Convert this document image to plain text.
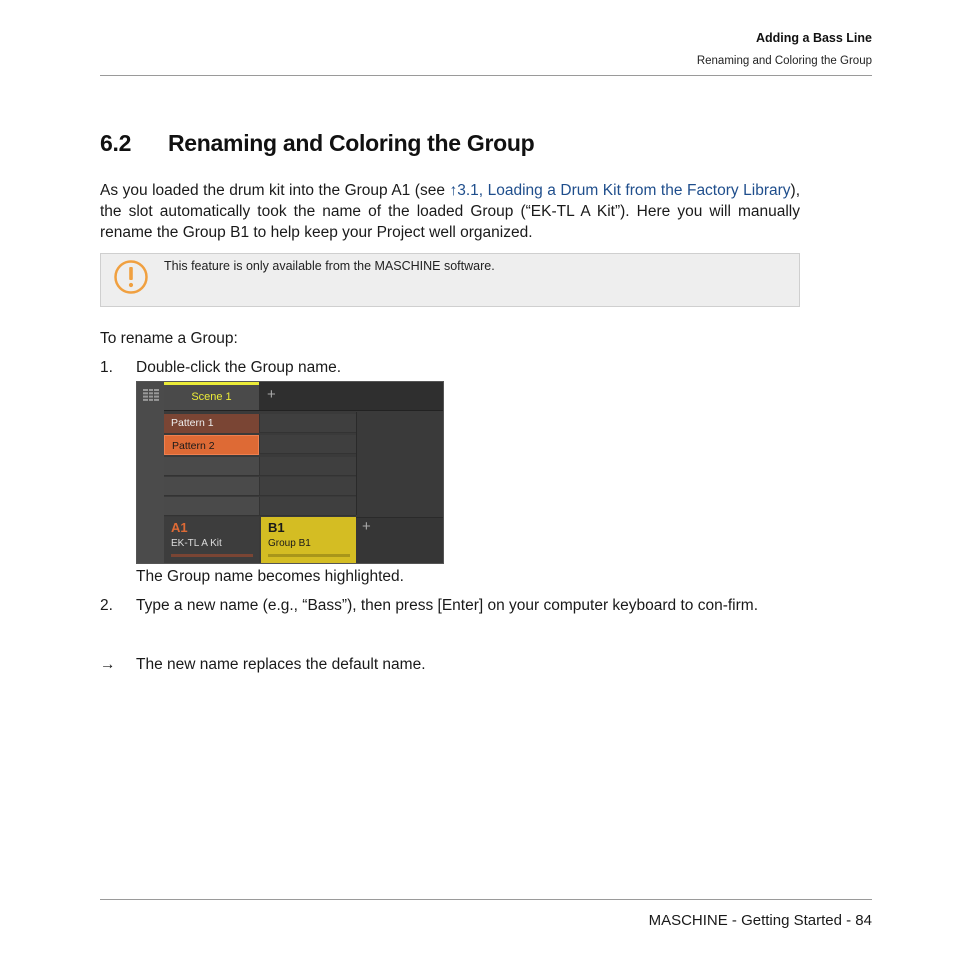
Adding a Bass Line
Renaming and Coloring the Group
6.2 Renaming and Coloring the Group
As you loaded the drum kit into the Group A1 (see ↑3.1, Loading a Drum Kit from the Factory Library), the slot automatically took the name of the loaded Group (“EK-TL A Kit”). Here you will manually rename the Group B1 to help keep your Project well organized.
This feature is only available from the MASCHINE software.
To rename a Group:
1. Double-click the Group name.
Scene 1	+
Pattern 1
Pattern 2
A1
EK-TL A Kit
B1
Group B1
+
The Group name becomes highlighted.
2. Type a new name (e.g., “Bass”), then press [Enter] on your computer keyboard to con-firm.
→ The new name replaces the default name.
MASCHINE - Getting Started - 84
